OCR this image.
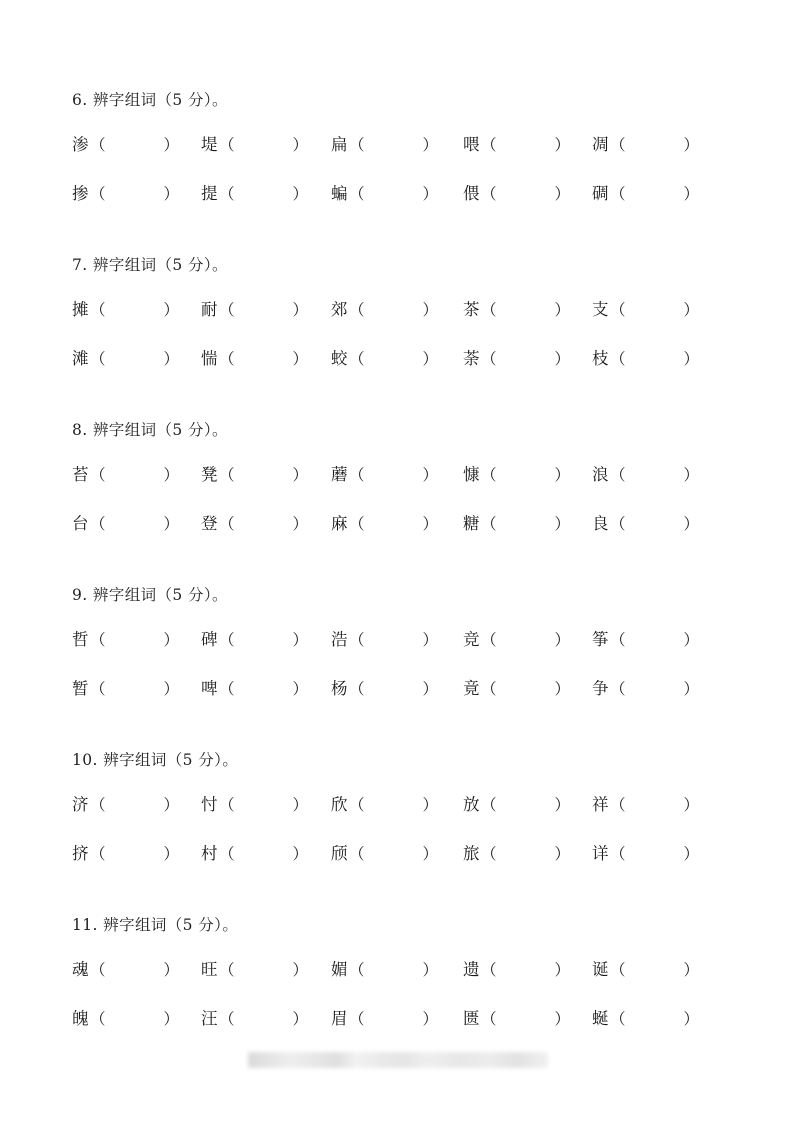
6. 辨字组词（5 分）。
渗（	） 堤（	） 扁（	） 喂（	） 凋（	）
掺（	） 提（	） 蝙（	） 偎（	） 碉（	）
7. 辨字组词（5 分）。
摊（	） 耐（	） 郊（	） 茶（	） 支（	）
滩（	） 惴（	） 蛟（	） 荼（	） 枝（	）
8. 辨字组词（5 分）。
苔（	） 凳（	） 蘑（	） 慷（	） 浪（	）
台（	） 登（	） 麻（	） 糖（	） 良（	）
9. 辨字组词（5 分）。
哲（	） 碑（	） 浩（	） 竞（	） 筝（	）
暂（	） 啤（	） 杨（	） 竟（	） 争（	）
10. 辨字组词（5 分）。
济（	） 忖（	） 欣（	） 放（	） 祥（	）
挤（	） 村（	） 颀（	） 旅（	） 详（	）
11. 辨字组词（5 分）。
魂（	） 旺（	） 媚（	） 遗（	） 诞（	）
魄（	） 汪（	） 眉（	） 匮（	） 蜒（	）
